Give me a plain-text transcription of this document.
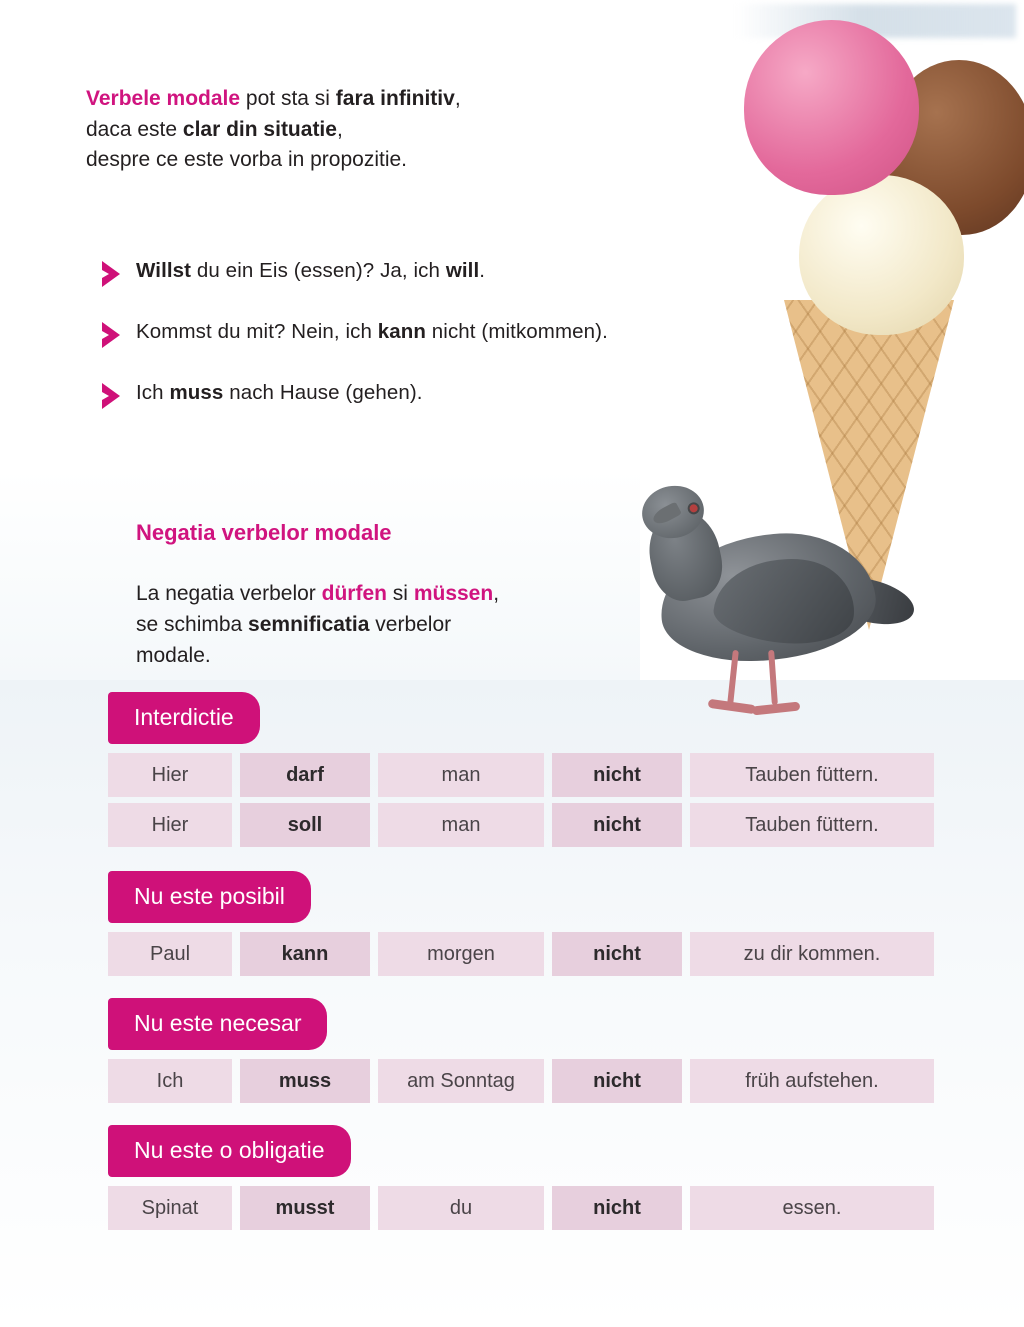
Verbele modale pot sta si fara infinitiv,
daca este clar din situatie,
despre ce este vorba in propozitie.
Willst du ein Eis (essen)? Ja, ich will.
Kommst du mit? Nein, ich kann nicht (mitkommen).
Ich muss nach Hause (gehen).
Negatia verbelor modale
La negatia verbelor dürfen si müssen,
se schimba semnificatia verbelor
modale.
Interdictie
Hier	darf	man	nicht	Tauben füttern.
Hier	soll	man	nicht	Tauben füttern.
Nu este posibil
Paul	kann	morgen	nicht	zu dir kommen.
Nu este necesar
Ich	muss	am Sonntag	nicht	früh aufstehen.
Nu este o obligatie
Spinat	musst	du	nicht	essen.
